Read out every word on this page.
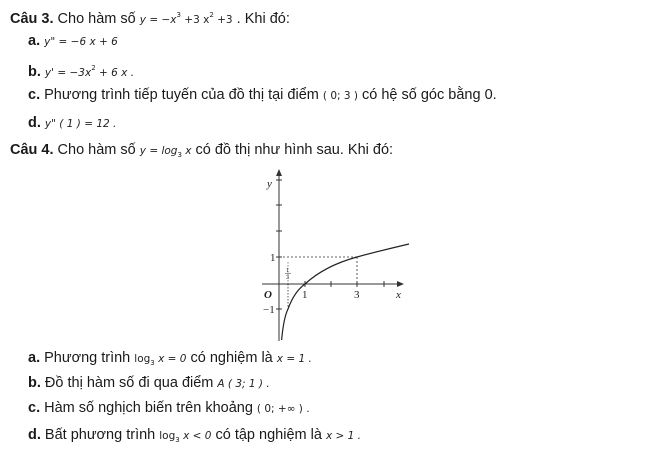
Câu 3. Cho hàm số $y = -x^3 +3$ $x^2 +3$ . Khi đó:
a. y" = −6 x + 6
b. $y' = -3x^2 + 6$ x .
c. Phương trình tiếp tuyến của đồ thị tại điểm ( 0; 3 ) có hệ số góc bằng 0.
d. y" ( 1 ) = 12 .
Câu 4. Cho hàm số $y = \log_3 x$ có đồ thị như hình sau. Khi đó:
y
x
O	1	3
1
−1
1
3
a. Phương trình $\log_3 x = 0$ có nghiệm là x = 1 .
b. Đồ thị hàm số đi qua điểm A ( 3; 1 ) .
c. Hàm số nghịch biến trên khoảng ( 0; +∞ ) .
d. Bất phương trình $\log_3 x < 0$ có tập nghiệm là x > 1 .
